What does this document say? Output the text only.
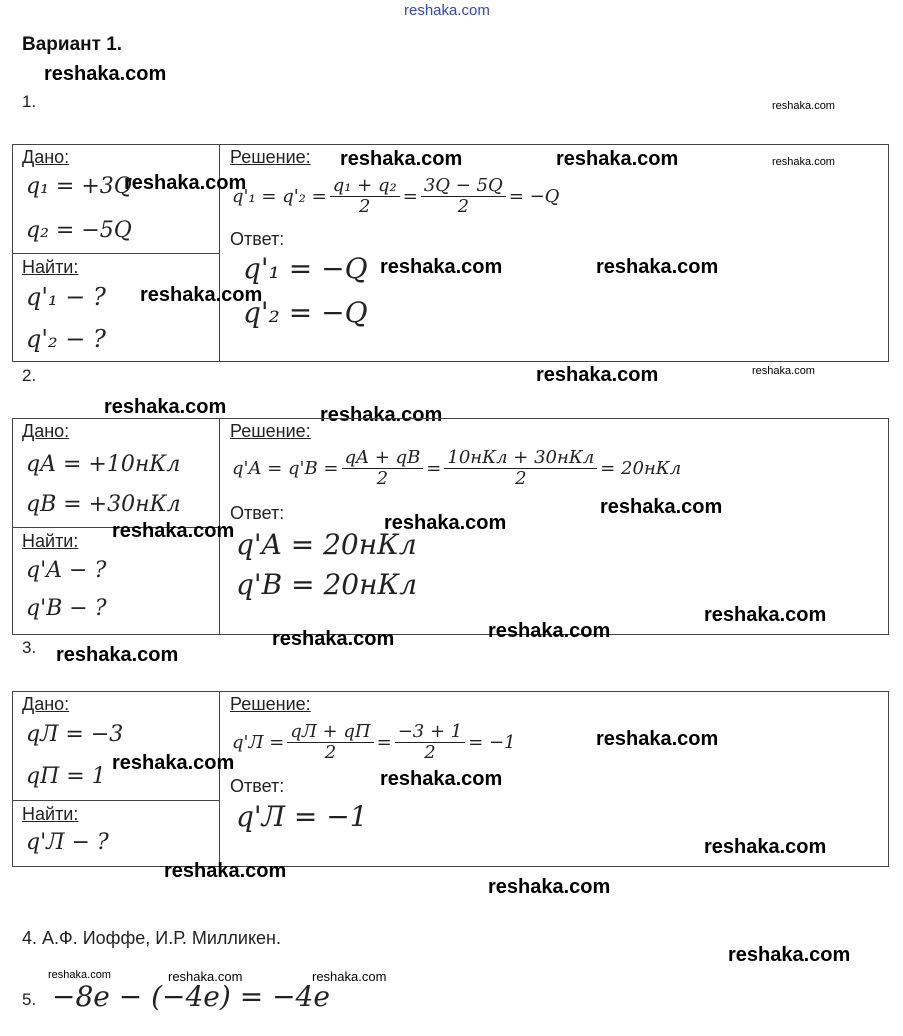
reshaka.com
Вариант 1.
reshaka.com
1.	reshaka.com
Дано:
q₁ = +3Q
q₂ = −5Q
Найти:
q'₁ − ?
q'₂ − ?
Решение:
$q'_1 = q'_2 = \frac{\text{q₁ + q₂}}{2} = \frac{3Q - 5Q}{2} = -Q$
Ответ:
q'₁ = −Q
q'₂ = −Q
reshaka.com	reshaka.com	reshaka.com
reshaka.com
reshaka.com	reshaka.com
reshaka.com
2.	reshaka.com	reshaka.com
reshaka.com	reshaka.com
Дано:
qA = +10нКл
qB = +30нКл
Найти:
q'A − ?
q'B − ?
Решение:
$q'A = q'B = \frac{qA + qB}{2} = \frac{\text{10нКл + 30нКл}}{2} = 20нКл$
Ответ:
q'A = 20нКл
q'B = 20нКл
reshaka.com	reshaka.com
reshaka.com
reshaka.com
reshaka.com
reshaka.com
3. reshaka.com
Дано:
qЛ = −3
qП = 1
Найти:
q'Л − ?
Решение:
$q'Л = \frac{qЛ + qП}{2} = \frac{-3 + 1}{2} = -1$
Ответ:
q'Л = −1
reshaka.com
reshaka.com
reshaka.com
reshaka.com
reshaka.com
reshaka.com
4. А.Ф. Иоффе, И.Р. Милликен.
reshaka.com
reshaka.com	reshaka.com	reshaka.com
5. −8e − (−4e) = −4e
